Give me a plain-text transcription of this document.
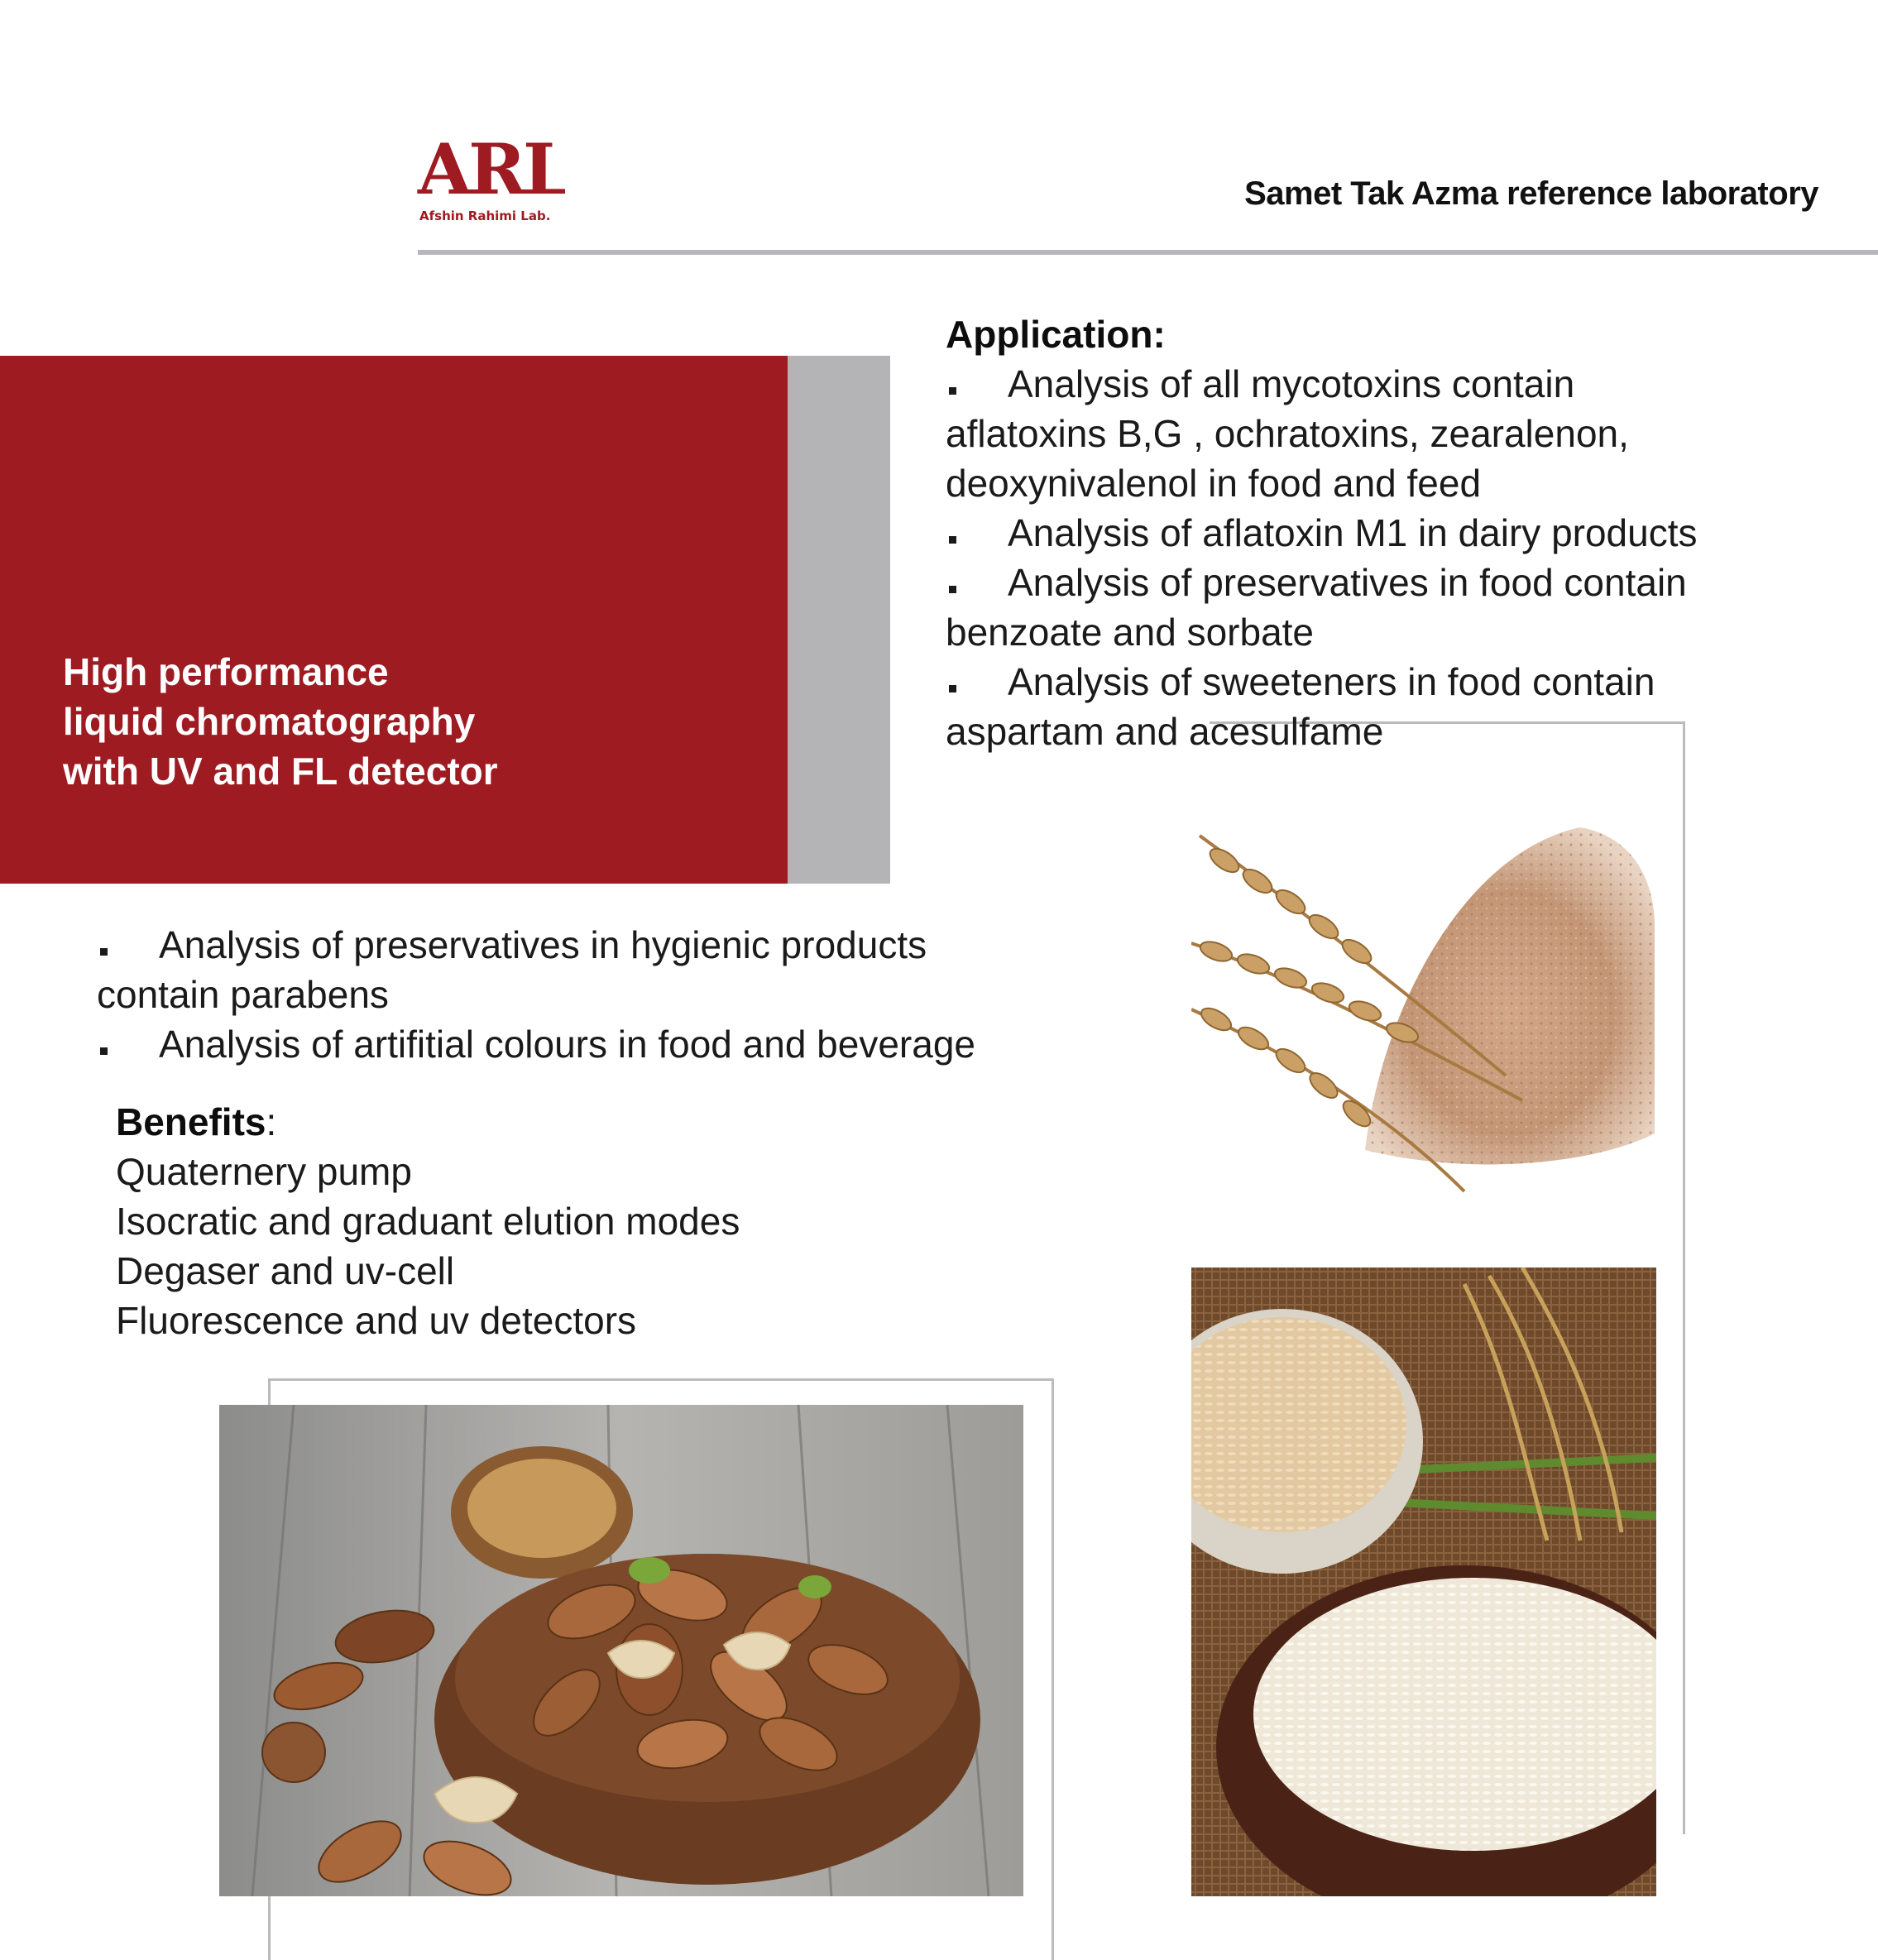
ARL
Afshin Rahimi Lab.
Samet Tak Azma reference laboratory
High performance
liquid chromatography
with UV and FL detector
Application:
Analysis of all mycotoxins contain
aflatoxins B,G , ochratoxins, zearalenon,
deoxynivalenol in food and feed
Analysis of aflatoxin M1 in dairy products
Analysis of preservatives in food contain
benzoate and sorbate
Analysis of sweeteners in food contain
aspartam and acesulfame
Analysis of preservatives in hygienic products
contain parabens
Analysis of artifitial colours in food and beverage
Benefits:
Quaternery pump
Isocratic and graduant elution modes
Degaser and uv-cell
Fluorescence and uv detectors
